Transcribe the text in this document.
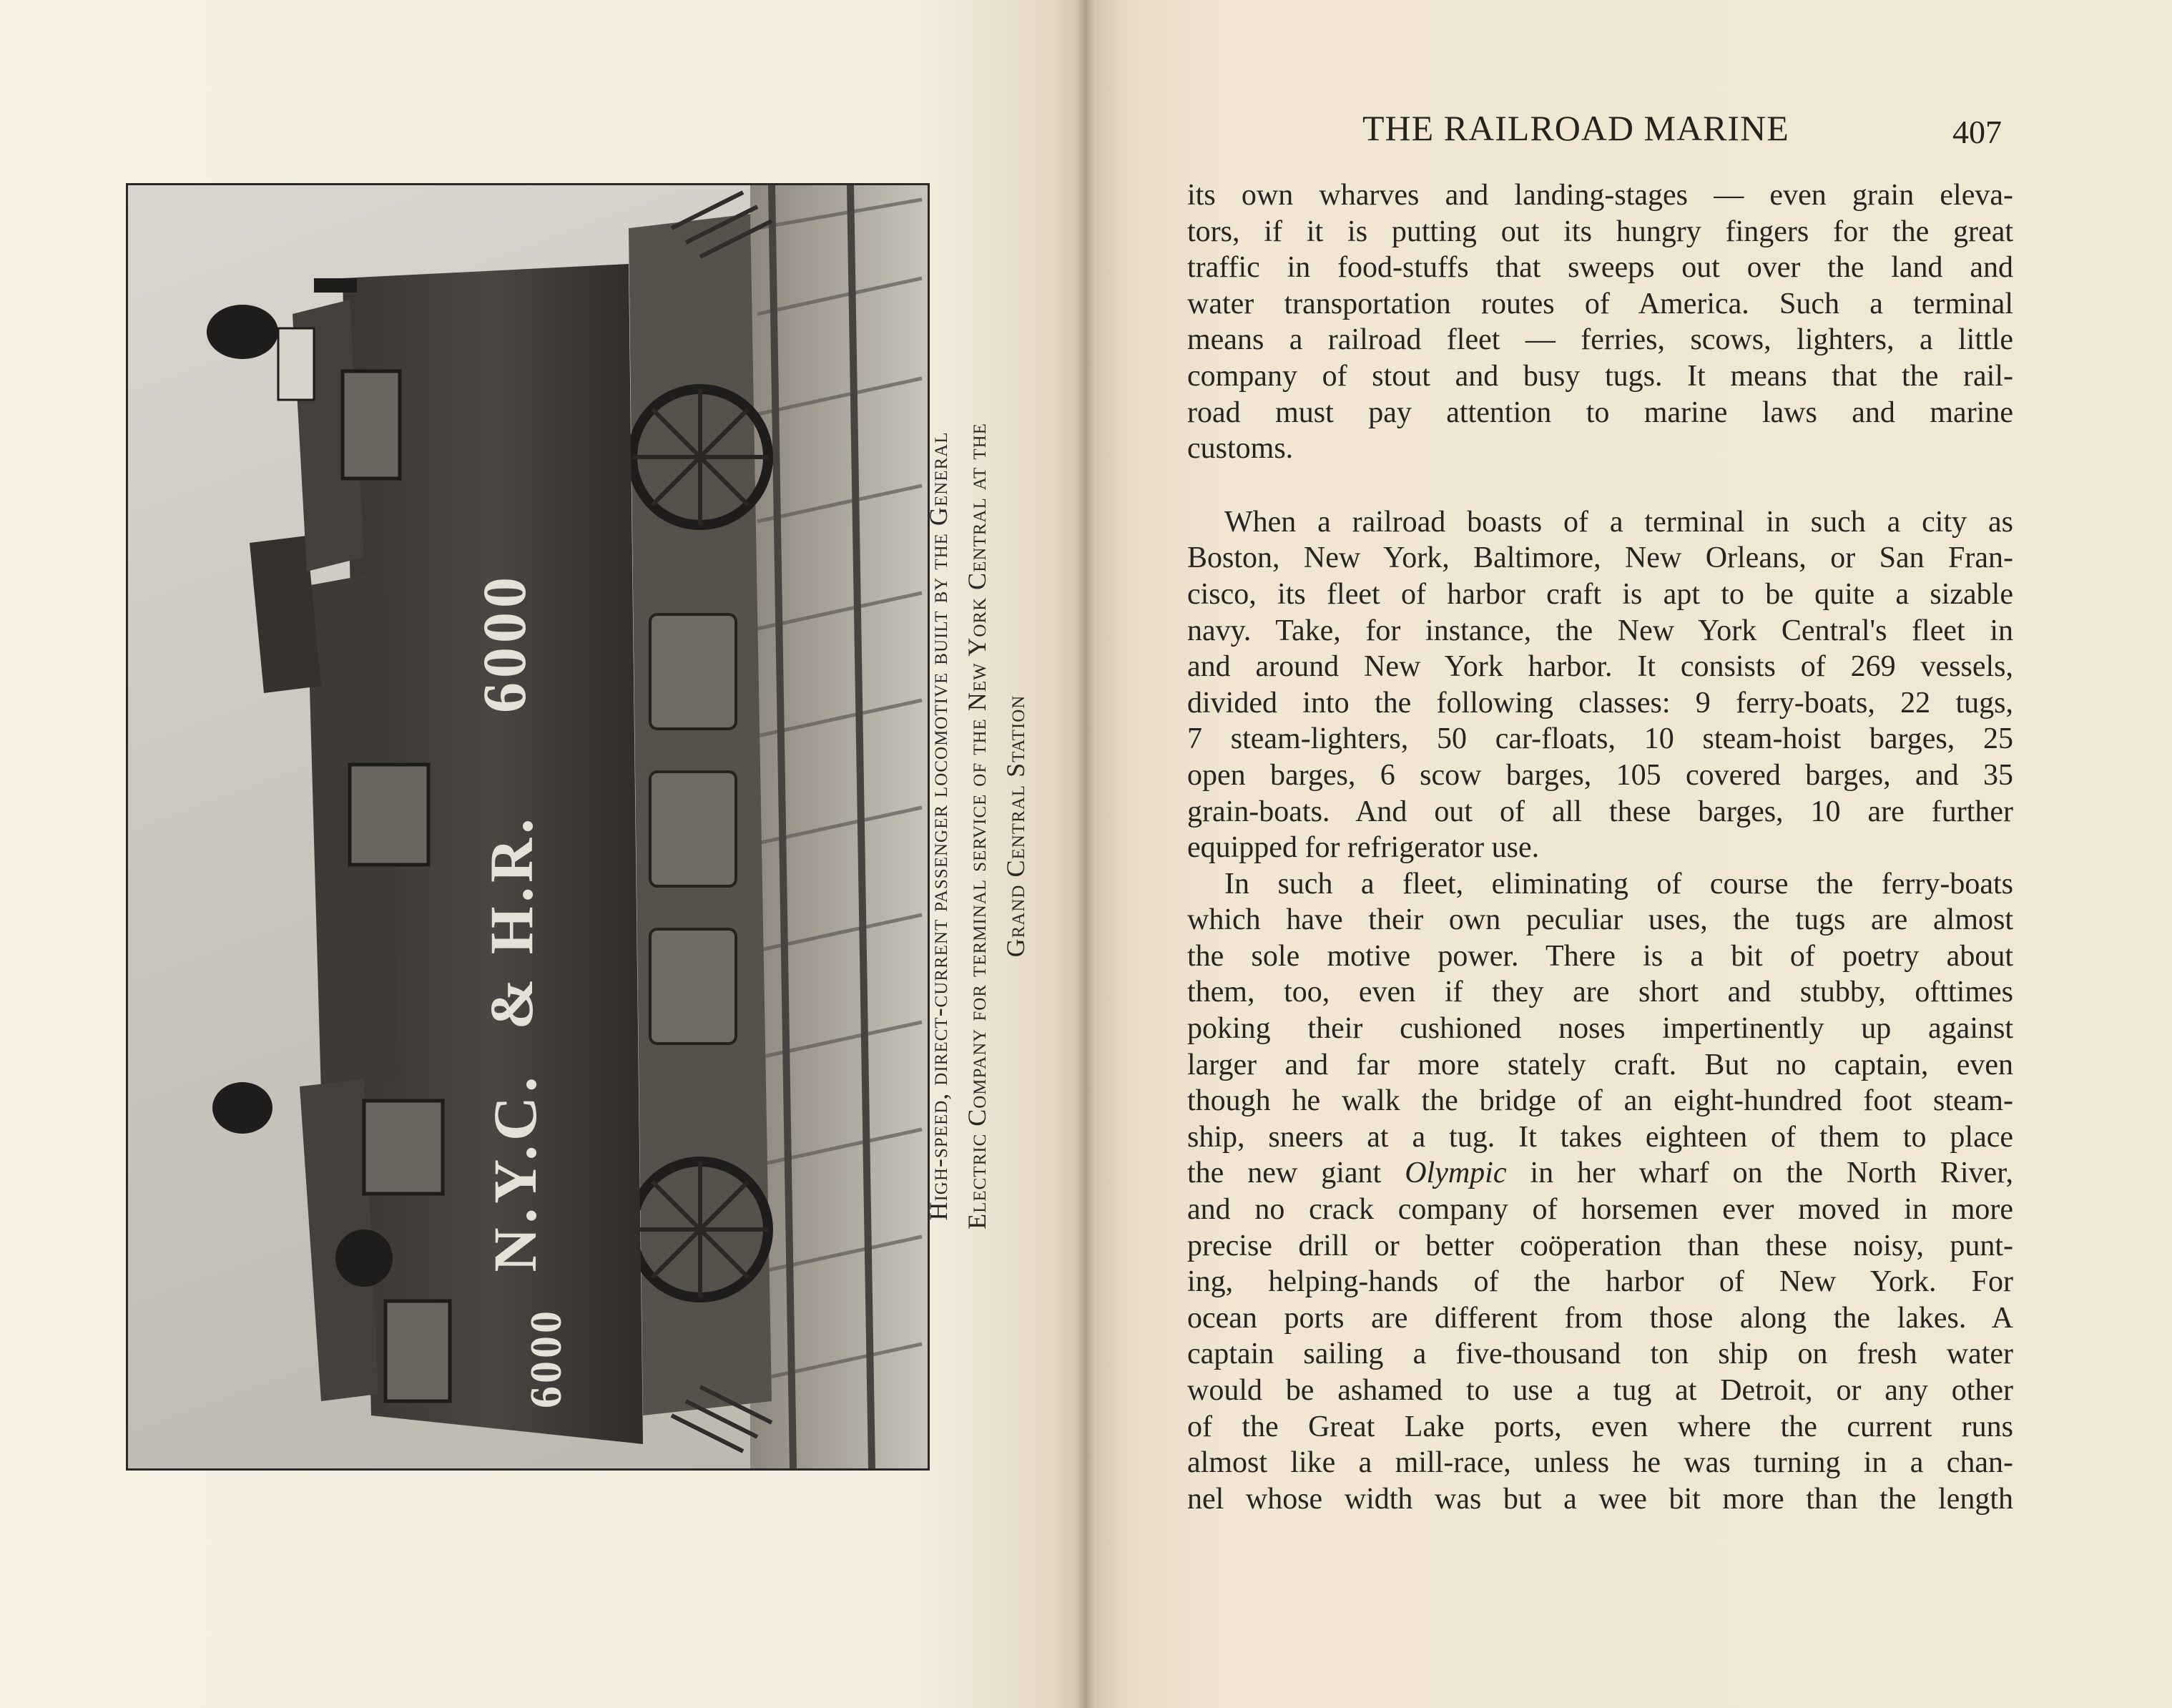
6000
N.Y.C.
& H.R.
6000
High-speed, direct-current passenger locomotive built by the General Electric Company for terminal service of the New York Central at the Grand Central Station
THE RAILROAD MARINE	407

its own wharves and landing-stages — even grain eleva-
tors, if it is putting out its hungry fingers for the great
traffic in food-stuffs that sweeps out over the land and
water transportation routes of America. Such a terminal
means a railroad fleet — ferries, scows, lighters, a little
company of stout and busy tugs. It means that the rail-
road must pay attention to marine laws and marine
customs.

When a railroad boasts of a terminal in such a city as
Boston, New York, Baltimore, New Orleans, or San Fran-
cisco, its fleet of harbor craft is apt to be quite a sizable
navy. Take, for instance, the New York Central's fleet in
and around New York harbor. It consists of 269 vessels,
divided into the following classes: 9 ferry-boats, 22 tugs,
7 steam-lighters, 50 car-floats, 10 steam-hoist barges, 25
open barges, 6 scow barges, 105 covered barges, and 35
grain-boats. And out of all these barges, 10 are further
equipped for refrigerator use.

In such a fleet, eliminating of course the ferry-boats
which have their own peculiar uses, the tugs are almost
the sole motive power. There is a bit of poetry about
them, too, even if they are short and stubby, ofttimes
poking their cushioned noses impertinently up against
larger and far more stately craft. But no captain, even
though he walk the bridge of an eight-hundred foot steam-
ship, sneers at a tug. It takes eighteen of them to place
the new giant Olympic in her wharf on the North River,
and no crack company of horsemen ever moved in more
precise drill or better coöperation than these noisy, punt-
ing, helping-hands of the harbor of New York. For
ocean ports are different from those along the lakes. A
captain sailing a five-thousand ton ship on fresh water
would be ashamed to use a tug at Detroit, or any other
of the Great Lake ports, even where the current runs
almost like a mill-race, unless he was turning in a chan-
nel whose width was but a wee bit more than the length
